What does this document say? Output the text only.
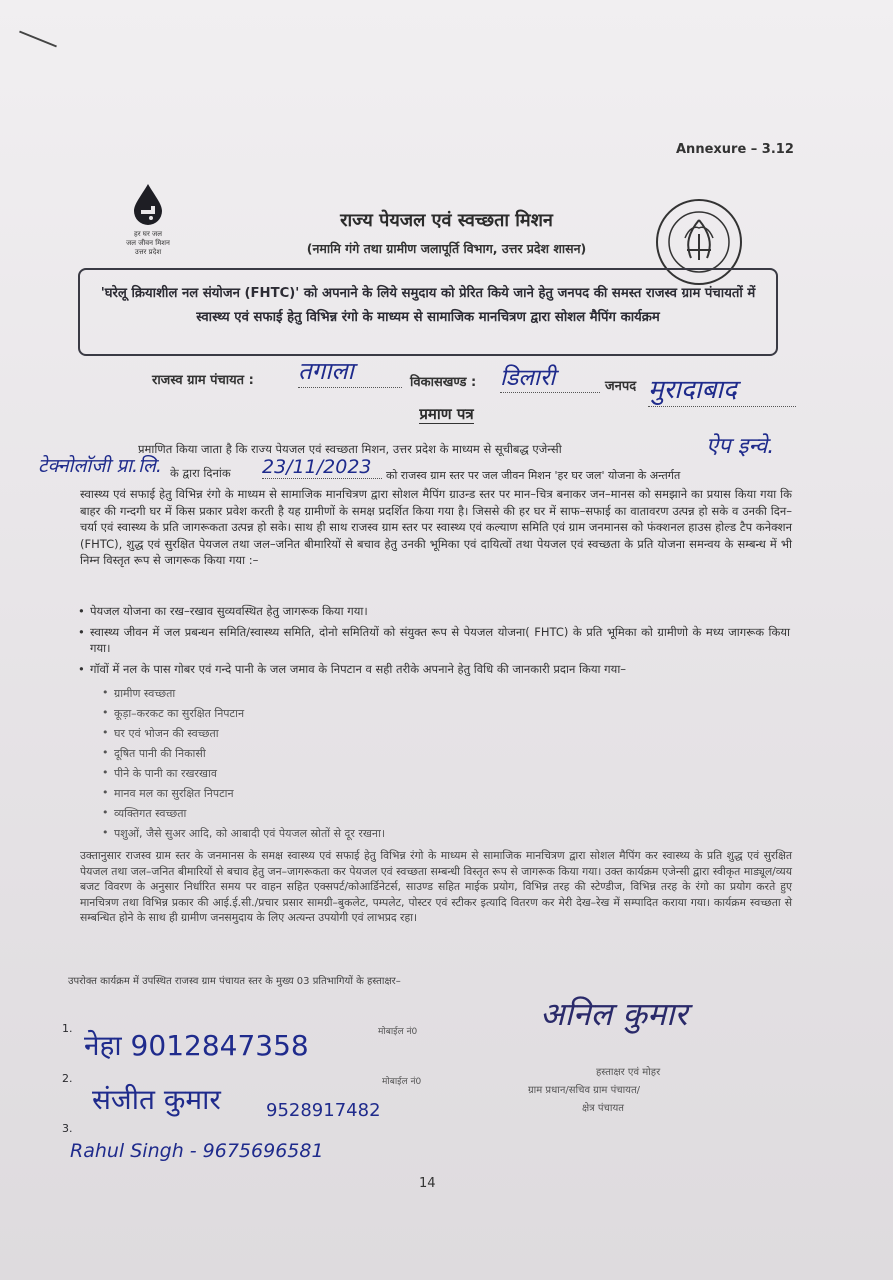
Annexure – 3.12
हर घर जल
जल जीवन मिशन
उत्तर प्रदेश
राज्य पेयजल एवं स्वच्छता मिशन
(नमामि गंगे तथा ग्रामीण जलापूर्ति विभाग, उत्तर प्रदेश शासन)

'घरेलू क्रियाशील नल संयोजन (FHTC)' को अपनाने के लिये समुदाय को प्रेरित किये जाने हेतु जनपद की समस्त राजस्व ग्राम पंचायतों में स्वास्थ्य एवं सफाई हेतु विभिन्न रंगो के माध्यम से सामाजिक मानचित्रण द्वारा सोशल मैपिंग कार्यक्रम

राजस्व ग्राम पंचायत : तगाला	विकासखण्ड : डिलारी	जनपद मुरादाबाद
प्रमाण पत्र
प्रमाणित किया जाता है कि राज्य पेयजल एवं स्वच्छता मिशन, उत्तर प्रदेश के माध्यम से सूचीबद्ध एजेन्सी	ऐप इन्वे.
टेक्नोलॉजी प्रा.लि. के द्वारा दिनांक	23/11/2023	को राजस्व ग्राम स्तर पर जल जीवन मिशन 'हर घर जल' योजना के अन्तर्गत
स्वास्थ्य एवं सफाई हेतु विभिन्न रंगो के माध्यम से सामाजिक मानचित्रण द्वारा सोशल मैपिंग ग्राउन्ड स्तर पर मान–चित्र बनाकर जन–मानस को समझाने का प्रयास किया गया कि बाहर की गन्दगी घर में किस प्रकार प्रवेश करती है यह ग्रामीणों के समक्ष प्रदर्शित किया गया है। जिससे की हर घर में साफ–सफाई का वातावरण उत्पन्न हो सके व उनकी दिन–चर्या एवं स्वास्थ्य के प्रति जागरूकता उत्पन्न हो सके। साथ ही साथ राजस्व ग्राम स्तर पर स्वास्थ्य एवं कल्याण समिति एवं ग्राम जनमानस को फंक्शनल हाउस होल्ड टैप कनेक्शन (FHTC), शुद्ध एवं सुरक्षित पेयजल तथा जल–जनित बीमारियों से बचाव हेतु उनकी भूमिका एवं दायित्वों तथा पेयजल एवं स्वच्छता के प्रति योजना समन्वय के सम्बन्ध में भी निम्न विस्तृत रूप से जागरूक किया गया :–
• पेयजल योजना का रख–रखाव सुव्यवस्थित हेतु जागरूक किया गया।
• स्वास्थ्य जीवन में जल प्रबन्धन समिति/स्वास्थ्य समिति, दोनो समितियों को संयुक्त रूप से पेयजल योजना( FHTC) के प्रति भूमिका को ग्रामीणो के मध्य जागरूक किया गया।
• गॉवों में नल के पास गोबर एवं गन्दे पानी के जल जमाव के निपटान व सही तरीके अपनाने हेतु विधि की जानकारी प्रदान किया गया–
• ग्रामीण स्वच्छता
• कूड़ा–करकट का सुरक्षित निपटान
• घर एवं भोजन की स्वच्छता
• दूषित पानी की निकासी
• पीने के पानी का रखरखाव
• मानव मल का सुरक्षित निपटान
• व्यक्तिगत स्वच्छता
• पशुओं, जैसे सुअर आदि, को आबादी एवं पेयजल स्रोतों से दूर रखना।
उक्तानुसार राजस्व ग्राम स्तर के जनमानस के समक्ष स्वास्थ्य एवं सफाई हेतु विभिन्न रंगो के माध्यम से सामाजिक मानचित्रण द्वारा सोशल मैपिंग कर स्वास्थ्य के प्रति शुद्ध एवं सुरक्षित पेयजल तथा जल–जनित बीमारियों से बचाव हेतु जन–जागरूकता कर पेयजल एवं स्वच्छता सम्बन्धी विस्तृत रूप से जागरूक किया गया। उक्त कार्यक्रम एजेन्सी द्वारा स्वीकृत माड्यूल/व्यय बजट विवरण के अनुसार निर्धारित समय पर वाहन सहित एक्सपर्ट/कोआर्डिनेटर्स, साउण्ड सहित माईक प्रयोग, विभिन्न तरह की स्टेण्डीज, विभिन्न तरह के रंगो का प्रयोग करते हुए मानचित्रण तथा विभिन्न प्रकार की आई.ई.सी./प्रचार प्रसार सामग्री–बुकलेट, पम्पलेट, पोस्टर एवं स्टीकर इत्यादि वितरण कर मेरी देख–रेख में सम्पादित कराया गया। कार्यक्रम स्वच्छता से सम्बन्धित होने के साथ ही ग्रामीण जनसमुदाय के लिए अत्यन्त उपयोगी एवं लाभप्रद रहा।
उपरोक्त कार्यक्रम में उपस्थित राजस्व ग्राम पंचायत स्तर के मुख्य 03 प्रतिभागियों के हस्ताक्षर–
1.	मोबाईल नं0
नेहा 9012847358
2.	मोबाईल नं0
संजीत कुमार	9528917482
3.
Rahul Singh - 9675696581
अनिल कुमार
हस्ताक्षर एवं मोहर
ग्राम प्रधान/सचिव ग्राम पंचायत/
क्षेत्र पंचायत
14
